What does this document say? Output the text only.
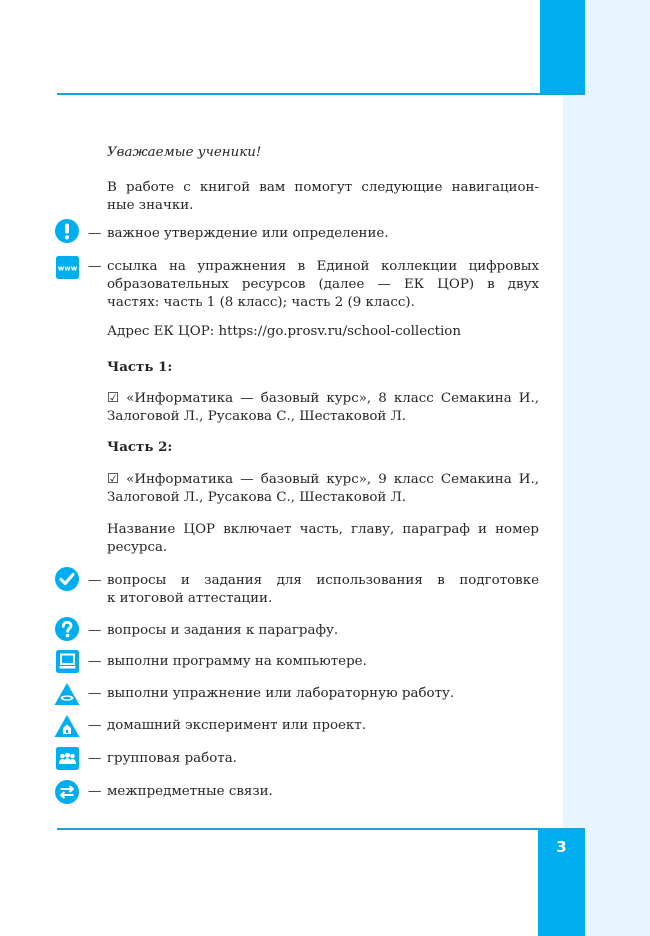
3
www
Уважаемые ученики!

В работе с книгой вам помогут следующие навигацион-

ные значки.

— важное утверждение или определение.

— ссылка на упражнения в Единой коллекции цифровых

образовательных ресурсов (далее — ЕК ЦОР) в двух

частях: часть 1 (8 класс); часть 2 (9 класс).

Адрес ЕК ЦОР: https://go.prosv.ru/school-collection
Часть 1:

☑ «Информатика — базовый курс», 8 класс Семакина И.,

Залоговой Л., Русакова С., Шестаковой Л.

Часть 2:

☑ «Информатика — базовый курс», 9 класс Семакина И.,

Залоговой Л., Русакова С., Шестаковой Л.

Название ЦОР включает часть, главу, параграф и номер

ресурса.

— вопросы и задания для использования в подготовке

к итоговой аттестации.

— вопросы и задания к параграфу.

— выполни программу на компьютере.

— выполни упражнение или лабораторную работу.

— домашний эксперимент или проект.

— групповая работа.

— межпредметные связи.
